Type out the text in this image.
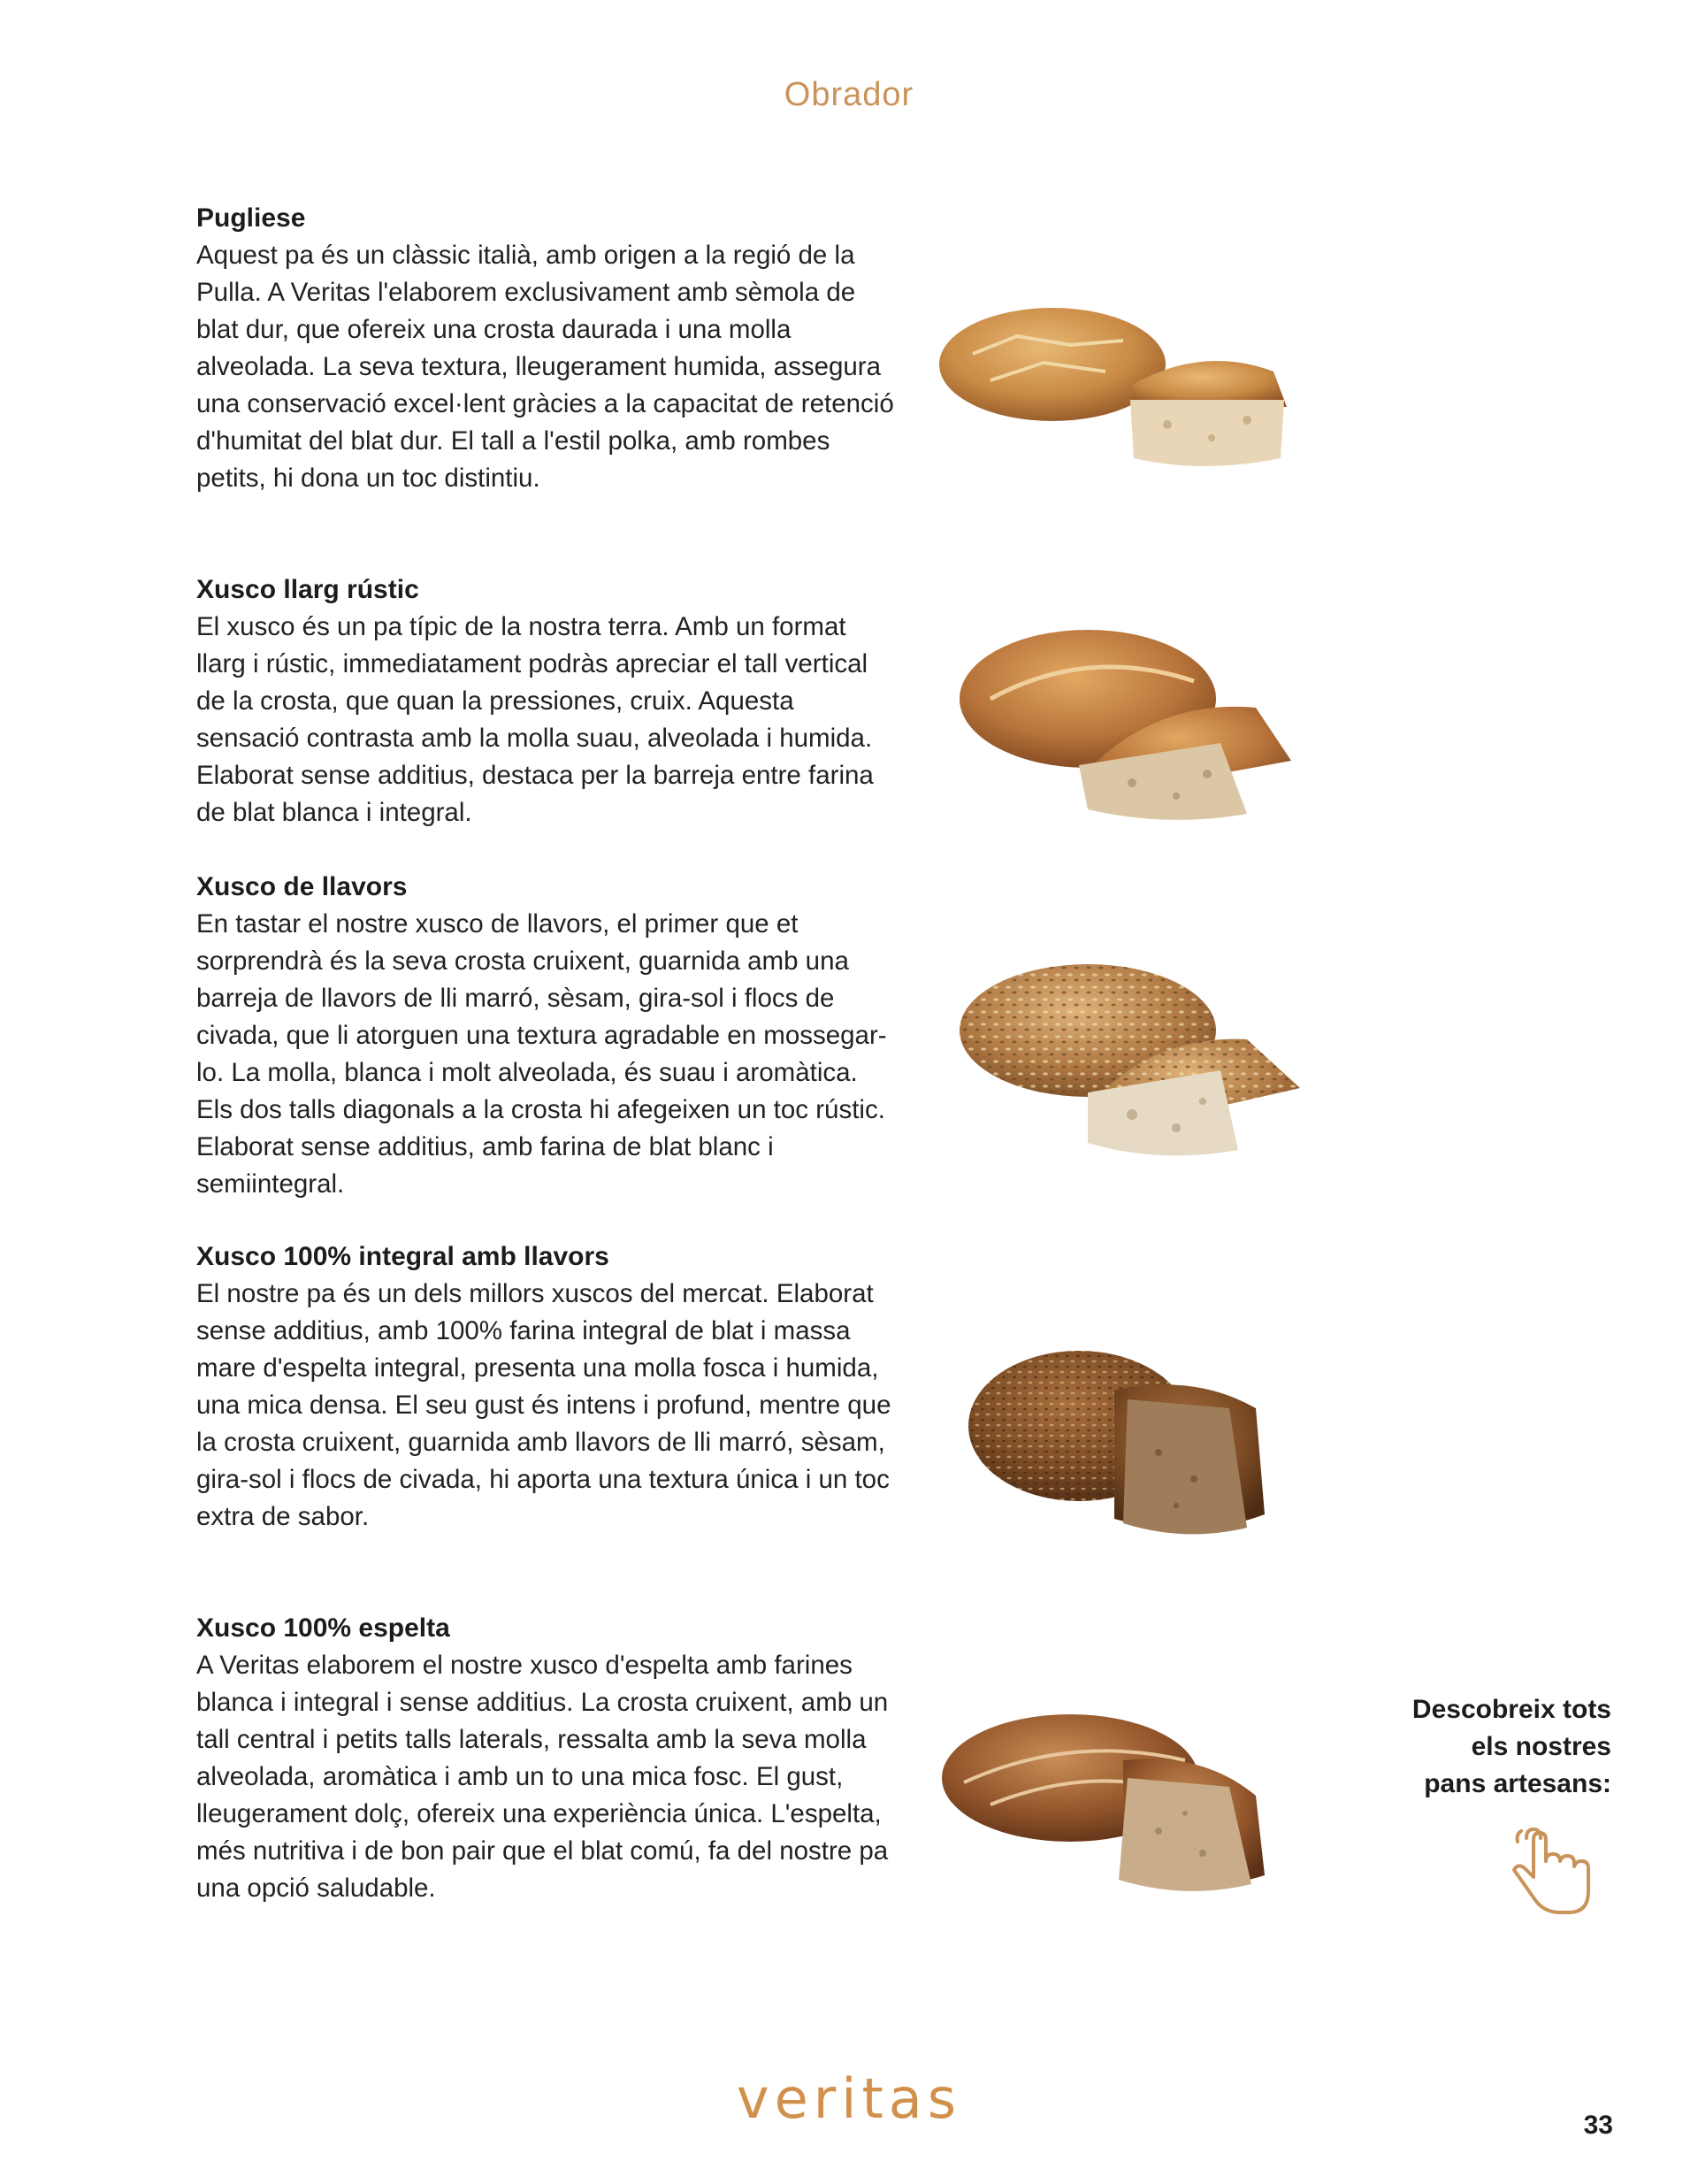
Obrador

Pugliese

Aquest pa és un clàssic italià, amb origen a la regió de la Pulla. A Veritas l'elaborem exclusivament amb sèmola de blat dur, que ofereix una crosta daurada i una molla alveolada. La seva textura, lleugerament humida, assegura una conservació excel·lent gràcies a la capacitat de retenció d'humitat del blat dur. El tall a l'estil polka, amb rombes petits, hi dona un toc distintiu.

Xusco llarg rústic

El xusco és un pa típic de la nostra terra. Amb un format llarg i rústic, immediatament podràs apreciar el tall vertical de la crosta, que quan la pressiones, cruix. Aquesta sensació contrasta amb la molla suau, alveolada i humida. Elaborat sense additius, destaca per la barreja entre farina de blat blanca i integral.

Xusco de llavors

En tastar el nostre xusco de llavors, el primer que et sorprendrà és la seva crosta cruixent, guarnida amb una barreja de llavors de lli marró, sèsam, gira-sol i flocs de civada, que li atorguen una textura agradable en mossegar-lo. La molla, blanca i molt alveolada, és suau i aromàtica. Els dos talls diagonals a la crosta hi afegeixen un toc rústic. Elaborat sense additius, amb farina de blat blanc i semiintegral.

Xusco 100% integral amb llavors

El nostre pa és un dels millors xuscos del mercat. Elaborat sense additius, amb 100% farina integral de blat i massa mare d'espelta integral, presenta una molla fosca i humida, una mica densa. El seu gust és intens i profund, mentre que la crosta cruixent, guarnida amb llavors de lli marró, sèsam, gira-sol i flocs de civada, hi aporta una textura única i un toc extra de sabor.

Xusco 100% espelta

A Veritas elaborem el nostre xusco d'espelta amb farines blanca i integral i sense additius. La crosta cruixent, amb un tall central i petits talls laterals, ressalta amb la seva molla alveolada, aromàtica i amb un to una mica fosc. El gust, lleugerament dolç, ofereix una experiència única. L'espelta, més nutritiva i de bon pair que el blat comú, fa del nostre pa una opció saludable.

Descobreix tots
els nostres
pans artesans:
veritas	33
